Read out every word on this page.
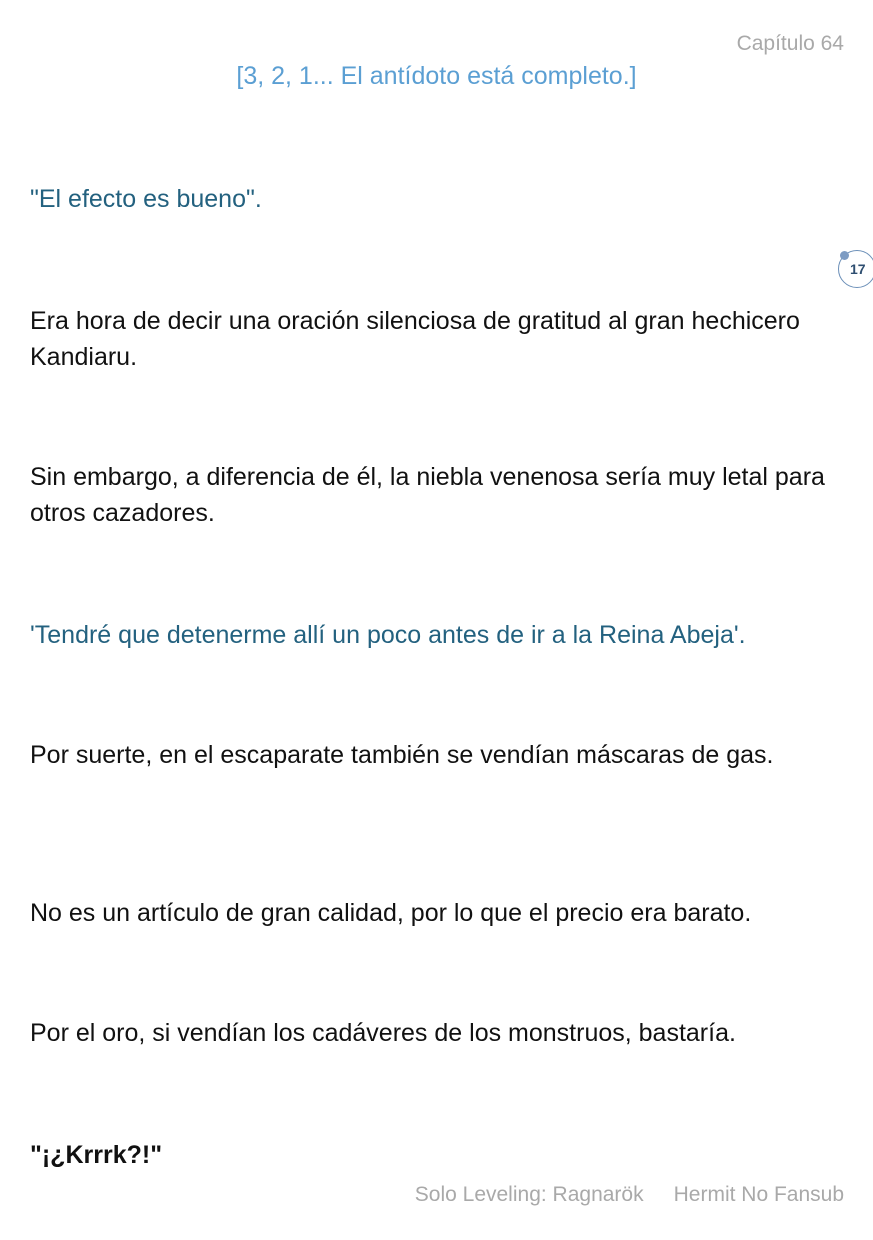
Capítulo 64
[3, 2, 1... El antídoto está completo.]
"El efecto es bueno".
17
Era hora de decir una oración silenciosa de gratitud al gran hechicero Kandiaru.
Sin embargo, a diferencia de él, la niebla venenosa sería muy letal para otros cazadores.
'Tendré que detenerme allí un poco antes de ir a la Reina Abeja'.
Por suerte, en el escaparate también se vendían máscaras de gas.
No es un artículo de gran calidad, por lo que el precio era barato.
Por el oro, si vendían los cadáveres de los monstruos, bastaría.
"¡¿Krrrk?!"
Solo Leveling: Ragnarök Hermit No Fansub
